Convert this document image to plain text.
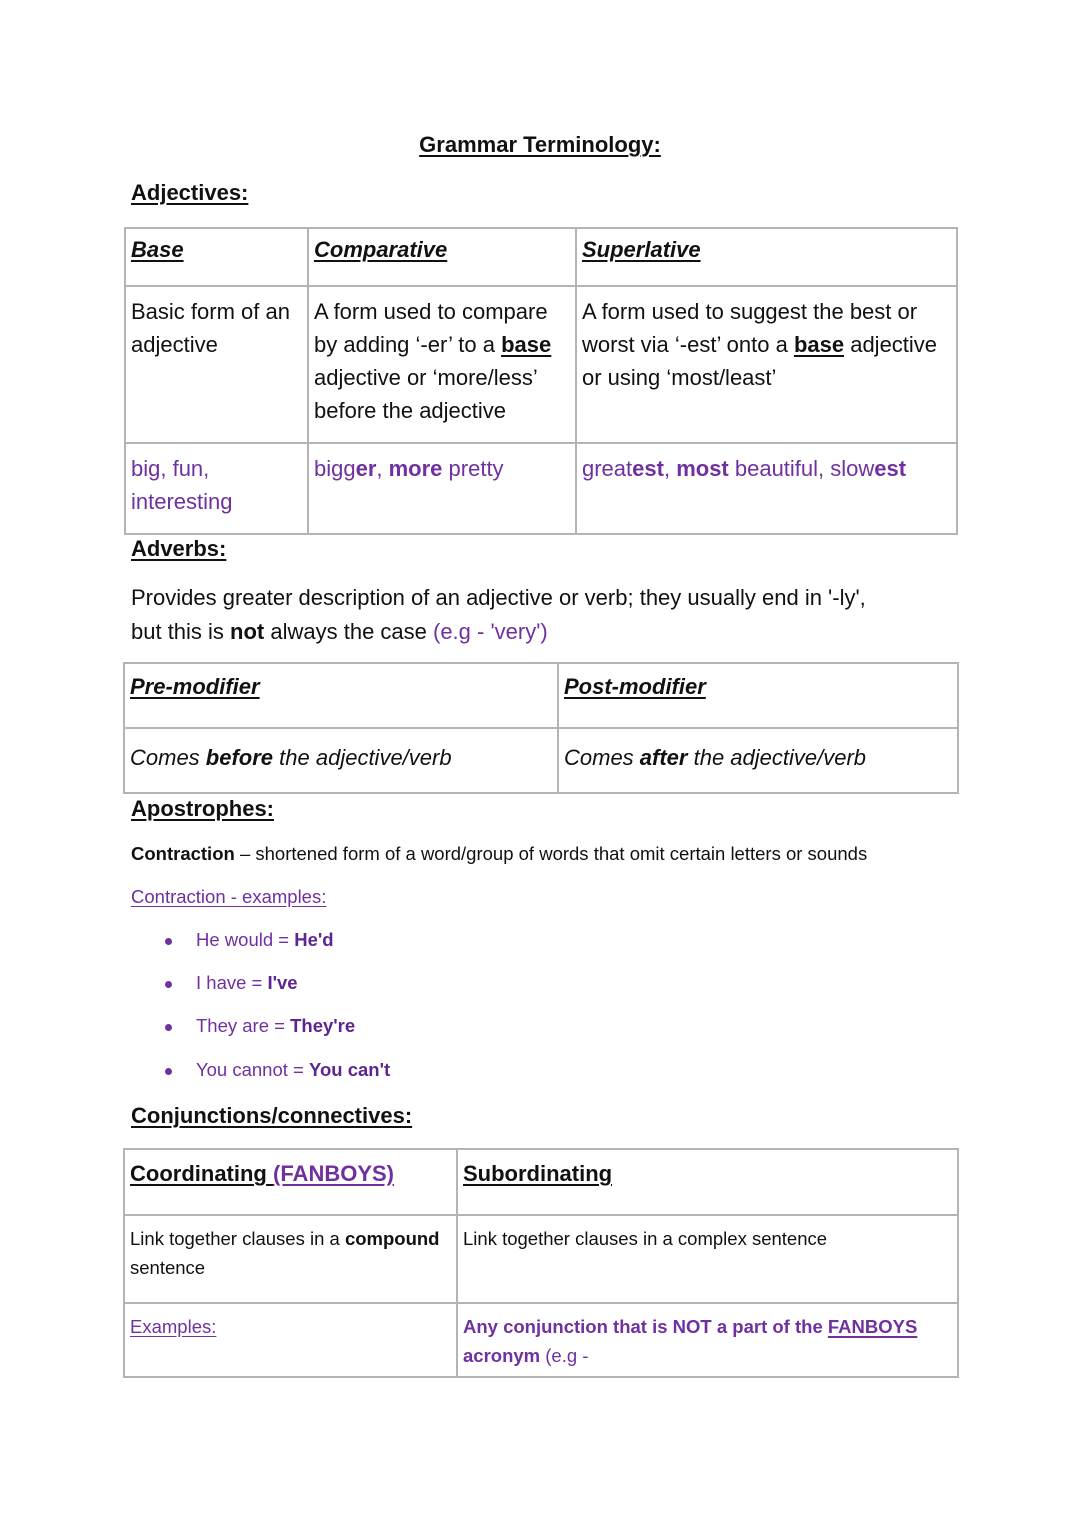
Grammar Terminology:
Adjectives:
Base	Comparative	Superlative
Basic form of an adjective	A form used to compare by adding ‘-er’ to a base adjective or ‘more/less’ before the adjective	A form used to suggest the best or worst via ‘-est’ onto a base adjective or using ‘most/least’
big, fun, interesting	bigger, more pretty	greatest, most beautiful, slowest
Adverbs:
Provides greater description of an adjective or verb; they usually end in '-ly',
but this is not always the case (e.g - 'very')
Pre-modifier	Post-modifier
Comes before the adjective/verb	Comes after the adjective/verb
Apostrophes:
Contraction – shortened form of a word/group of words that omit certain letters or sounds
Contraction - examples:
He would = He'd
I have = I've
They are = They're
You cannot = You can't
Conjunctions/connectives:
Coordinating (FANBOYS)	Subordinating
Link together clauses in a compound sentence	Link together clauses in a complex sentence
Examples:	Any conjunction that is NOT a part of the FANBOYS
acronym (e.g -
